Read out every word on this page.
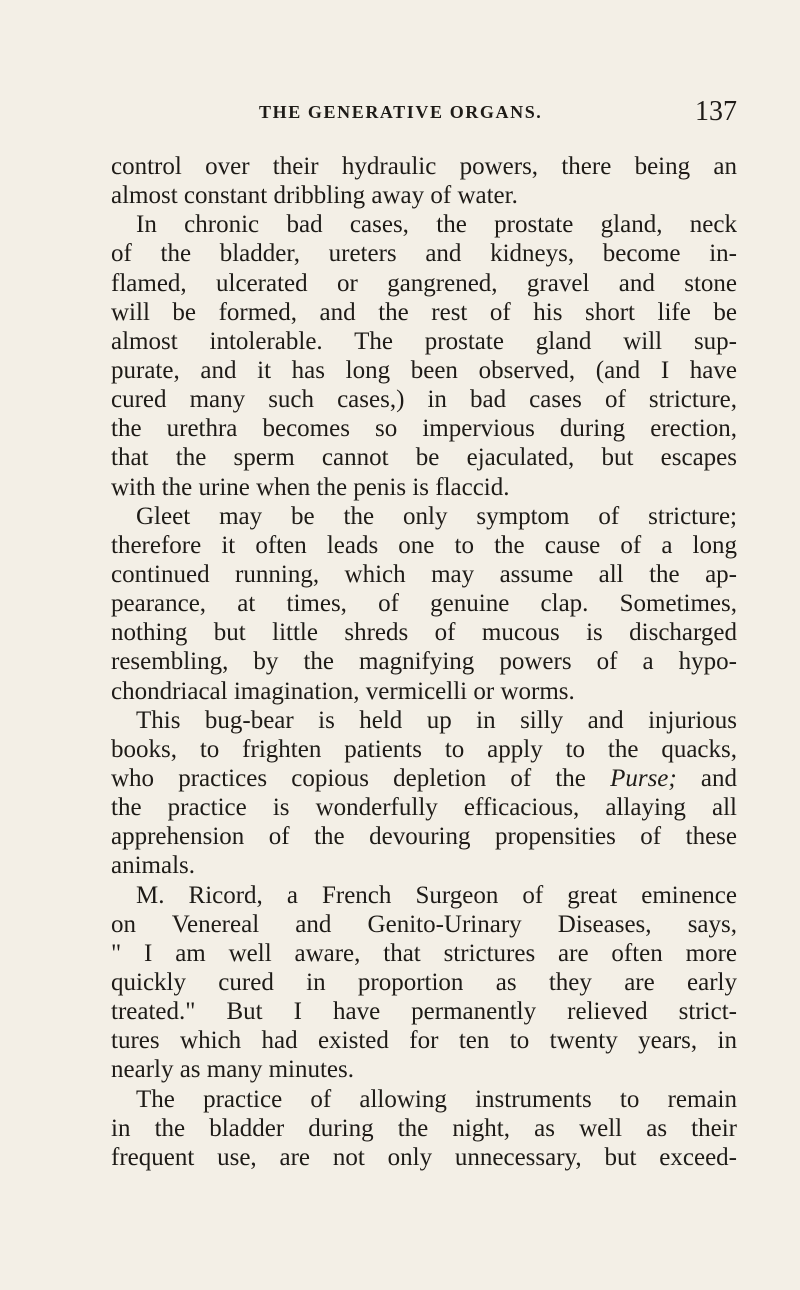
THE GENERATIVE ORGANS.	137
control over their hydraulic powers, there being an
almost constant dribbling away of water.
In chronic bad cases, the prostate gland, neck
of the bladder, ureters and kidneys, become in-
flamed, ulcerated or gangrened, gravel and stone
will be formed, and the rest of his short life be
almost intolerable. The prostate gland will sup-
purate, and it has long been observed, (and I have
cured many such cases,) in bad cases of stricture,
the urethra becomes so impervious during erection,
that the sperm cannot be ejaculated, but escapes
with the urine when the penis is flaccid.
Gleet may be the only symptom of stricture;
therefore it often leads one to the cause of a long
continued running, which may assume all the ap-
pearance, at times, of genuine clap. Sometimes,
nothing but little shreds of mucous is discharged
resembling, by the magnifying powers of a hypo-
chondriacal imagination, vermicelli or worms.
This bug-bear is held up in silly and injurious
books, to frighten patients to apply to the quacks,
who practices copious depletion of the Purse; and
the practice is wonderfully efficacious, allaying all
apprehension of the devouring propensities of these
animals.
M. Ricord, a French Surgeon of great eminence
on Venereal and Genito-Urinary Diseases, says,
" I am well aware, that strictures are often more
quickly cured in proportion as they are early
treated." But I have permanently relieved strict-
tures which had existed for ten to twenty years, in
nearly as many minutes.
The practice of allowing instruments to remain
in the bladder during the night, as well as their
frequent use, are not only unnecessary, but exceed-
